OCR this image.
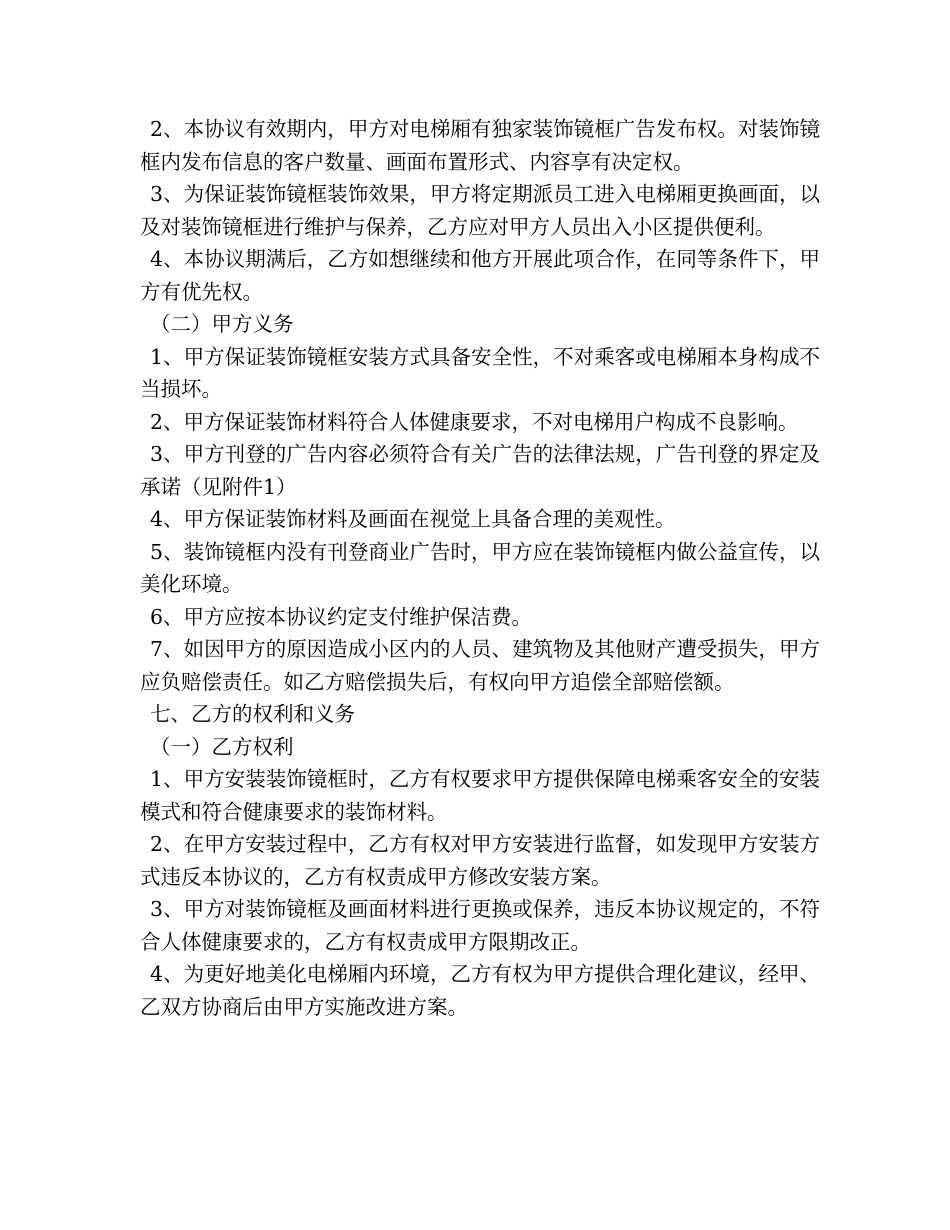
2、本协议有效期内，甲方对电梯厢有独家装饰镜框广告发布权。对装饰镜框内发布信息的客户数量、画面布置形式、内容享有决定权。

3、为保证装饰镜框装饰效果，甲方将定期派员工进入电梯厢更换画面，以及对装饰镜框进行维护与保养，乙方应对甲方人员出入小区提供便利。

4、本协议期满后，乙方如想继续和他方开展此项合作，在同等条件下，甲方有优先权。

（二）甲方义务

1、甲方保证装饰镜框安装方式具备安全性，不对乘客或电梯厢本身构成不当损坏。

2、甲方保证装饰材料符合人体健康要求，不对电梯用户构成不良影响。

3、甲方刊登的广告内容必须符合有关广告的法律法规，广告刊登的界定及承诺（见附件1）

4、甲方保证装饰材料及画面在视觉上具备合理的美观性。

5、装饰镜框内没有刊登商业广告时，甲方应在装饰镜框内做公益宣传，以美化环境。

6、甲方应按本协议约定支付维护保洁费。

7、如因甲方的原因造成小区内的人员、建筑物及其他财产遭受损失，甲方应负赔偿责任。如乙方赔偿损失后，有权向甲方追偿全部赔偿额。

七、乙方的权利和义务

（一）乙方权利

1、甲方安装装饰镜框时，乙方有权要求甲方提供保障电梯乘客安全的安装模式和符合健康要求的装饰材料。

2、在甲方安装过程中，乙方有权对甲方安装进行监督，如发现甲方安装方式违反本协议的，乙方有权责成甲方修改安装方案。

3、甲方对装饰镜框及画面材料进行更换或保养，违反本协议规定的，不符合人体健康要求的，乙方有权责成甲方限期改正。

4、为更好地美化电梯厢内环境，乙方有权为甲方提供合理化建议，经甲、乙双方协商后由甲方实施改进方案。
